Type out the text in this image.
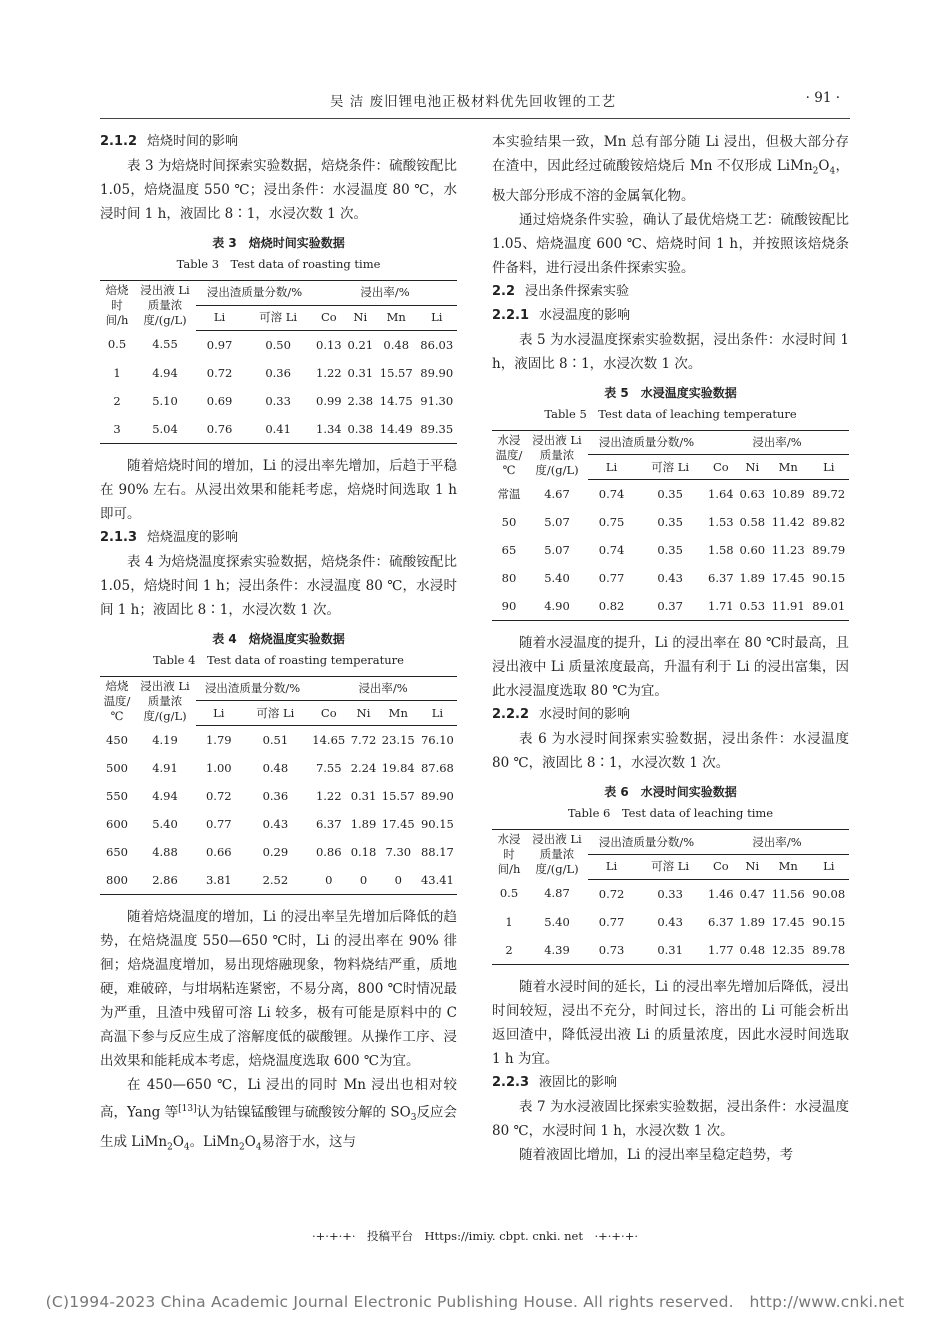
吴 洁 废旧锂电池正极材料优先回收锂的工艺	· 91 ·

2.1.2 焙烧时间的影响

表 3 为焙烧时间探索实验数据，焙烧条件：硫酸铵配比 1.05，焙烧温度 550 ℃；浸出条件：水浸温度 80 ℃，水浸时间 1 h，液固比 8∶1，水浸次数 1 次。

表 3　焙烧时间实验数据

Table 3　Test data of roasting time

焙烧时间/h	浸出液 Li 质量浓度/(g/L)	浸出渣质量分数/%		浸出率/%			
		Li	可溶 Li	Co	Ni	Mn	Li
0.5	4.55	0.97	0.50	0.13	0.21	0.48	86.03
1	4.94	0.72	0.36	1.22	0.31	15.57	89.90
2	5.10	0.69	0.33	0.99	2.38	14.75	91.30
3	5.04	0.76	0.41	1.34	0.38	14.49	89.35

随着焙烧时间的增加，Li 的浸出率先增加，后趋于平稳在 90% 左右。从浸出效果和能耗考虑，焙烧时间选取 1 h 即可。

2.1.3 焙烧温度的影响

表 4 为焙烧温度探索实验数据，焙烧条件：硫酸铵配比 1.05，焙烧时间 1 h；浸出条件：水浸温度 80 ℃，水浸时间 1 h；液固比 8∶1，水浸次数 1 次。

表 4　焙烧温度实验数据

Table 4　Test data of roasting temperature

焙烧温度/℃	浸出液 Li 质量浓度/(g/L)	浸出渣质量分数/%		浸出率/%			
		Li	可溶 Li	Co	Ni	Mn	Li
450	4.19	1.79	0.51	14.65	7.72	23.15	76.10
500	4.91	1.00	0.48	7.55	2.24	19.84	87.68
550	4.94	0.72	0.36	1.22	0.31	15.57	89.90
600	5.40	0.77	0.43	6.37	1.89	17.45	90.15
650	4.88	0.66	0.29	0.86	0.18	7.30	88.17
800	2.86	3.81	2.52	0	0	0	43.41

随着焙烧温度的增加，Li 的浸出率呈先增加后降低的趋势，在焙烧温度 550—650 ℃时，Li 的浸出率在 90% 徘徊；焙烧温度增加，易出现熔融现象，物料烧结严重，质地硬，难破碎，与坩埚粘连紧密，不易分离，800 ℃时情况最为严重，且渣中残留可溶 Li 较多，极有可能是原料中的 C 高温下参与反应生成了溶解度低的碳酸锂。从操作工序、浸出效果和能耗成本考虑，焙烧温度选取 600 ℃为宜。

在 450—650 ℃，Li 浸出的同时 Mn 浸出也相对较高，Yang 等[13]认为钴镍锰酸锂与硫酸铵分解的 $SO_3$反应会生成 $LiMn_2O_4$。$LiMn_2O_4$易溶于水，这与

本实验结果一致，Mn 总有部分随 Li 浸出，但极大部分存在渣中，因此经过硫酸铵焙烧后 Mn 不仅形成 $LiMn_2O_4$，极大部分形成不溶的金属氧化物。

通过焙烧条件实验，确认了最优焙烧工艺：硫酸铵配比 1.05、焙烧温度 600 ℃、焙烧时间 1 h，并按照该焙烧条件备料，进行浸出条件探索实验。

2.2 浸出条件探索实验

2.2.1 水浸温度的影响

表 5 为水浸温度探索实验数据，浸出条件：水浸时间 1 h，液固比 8∶1，水浸次数 1 次。

表 5　水浸温度实验数据

Table 5　Test data of leaching temperature

水浸温度/℃	浸出液 Li 质量浓度/(g/L)	浸出渣质量分数/%		浸出率/%			
		Li	可溶 Li	Co	Ni	Mn	Li
常温	4.67	0.74	0.35	1.64	0.63	10.89	89.72
50	5.07	0.75	0.35	1.53	0.58	11.42	89.82
65	5.07	0.74	0.35	1.58	0.60	11.23	89.79
80	5.40	0.77	0.43	6.37	1.89	17.45	90.15
90	4.90	0.82	0.37	1.71	0.53	11.91	89.01

随着水浸温度的提升，Li 的浸出率在 80 ℃时最高，且浸出液中 Li 质量浓度最高，升温有利于 Li 的浸出富集，因此水浸温度选取 80 ℃为宜。

2.2.2 水浸时间的影响

表 6 为水浸时间探索实验数据，浸出条件：水浸温度 80 ℃，液固比 8∶1，水浸次数 1 次。

表 6　水浸时间实验数据

Table 6　Test data of leaching time

水浸时间/h	浸出液 Li 质量浓度/(g/L)	浸出渣质量分数/%		浸出率/%			
		Li	可溶 Li	Co	Ni	Mn	Li
0.5	4.87	0.72	0.33	1.46	0.47	11.56	90.08
1	5.40	0.77	0.43	6.37	1.89	17.45	90.15
2	4.39	0.73	0.31	1.77	0.48	12.35	89.78

随着水浸时间的延长，Li 的浸出率先增加后降低，浸出时间较短，浸出不充分，时间过长，溶出的 Li 可能会析出返回渣中，降低浸出液 Li 的质量浓度，因此水浸时间选取 1 h 为宜。

2.2.3 液固比的影响

表 7 为水浸液固比探索实验数据，浸出条件：水浸温度 80 ℃，水浸时间 1 h，水浸次数 1 次。

随着液固比增加，Li 的浸出率呈稳定趋势，考

·+·+·+·　投稿平台　Https://imiy. cbpt. cnki. net　·+·+·+·
(C)1994-2023 China Academic Journal Electronic Publishing House. All rights reserved.　http://www.cnki.net
